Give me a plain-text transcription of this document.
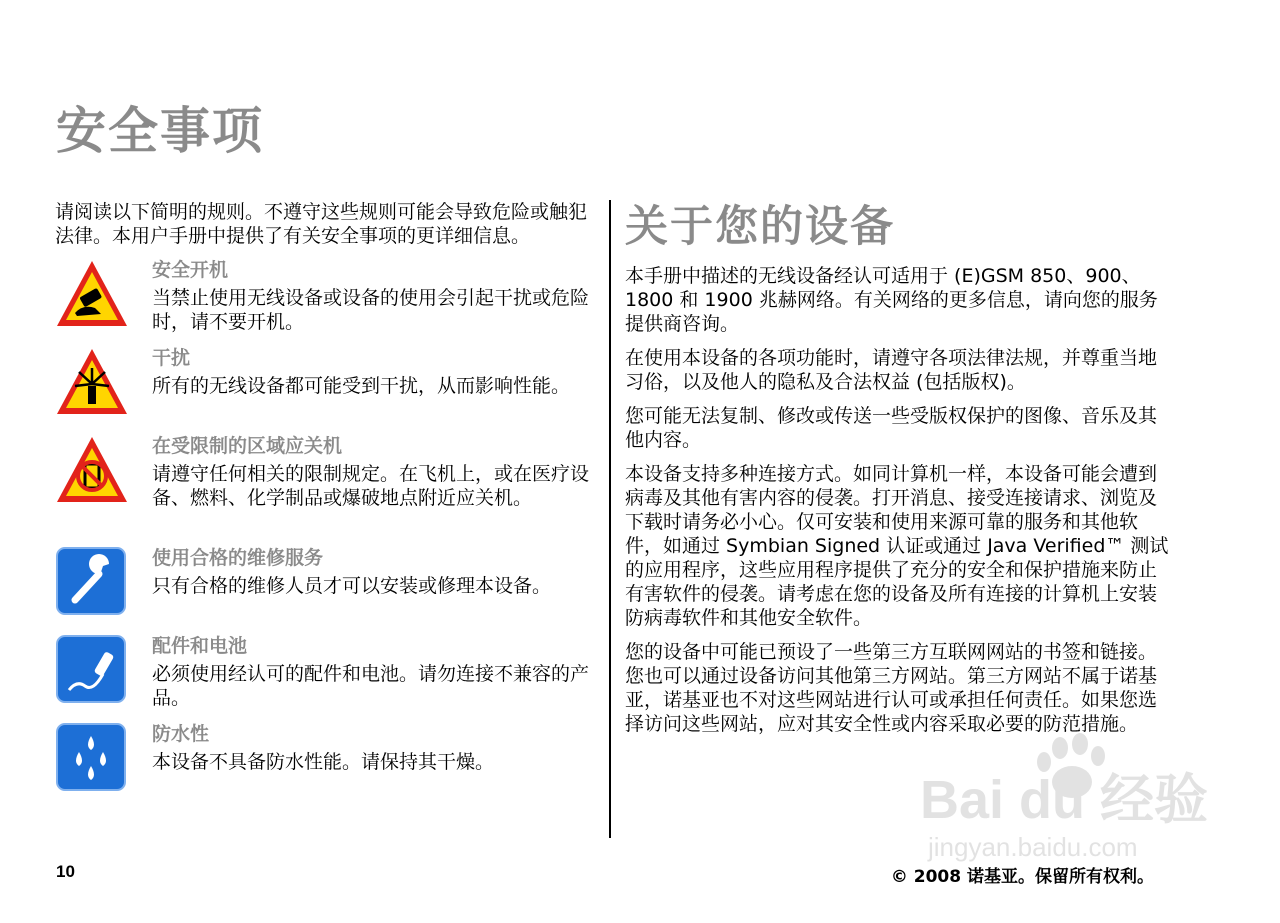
安全事项

请阅读以下简明的规则。不遵守这些规则可能会导致危险或触犯法律。本用户手册中提供了有关安全事项的更详细信息。

安全开机

当禁止使用无线设备或设备的使用会引起干扰或危险时，请不要开机。

干扰

所有的无线设备都可能受到干扰，从而影响性能。

在受限制的区域应关机

请遵守任何相关的限制规定。在飞机上，或在医疗设备、燃料、化学制品或爆破地点附近应关机。

使用合格的维修服务

只有合格的维修人员才可以安装或修理本设备。

配件和电池

必须使用经认可的配件和电池。请勿连接不兼容的产品。

防水性

本设备不具备防水性能。请保持其干燥。

关于您的设备

本手册中描述的无线设备经认可适用于 (E)GSM 850、900、1800 和 1900 兆赫网络。有关网络的更多信息，请向您的服务提供商咨询。

在使用本设备的各项功能时，请遵守各项法律法规，并尊重当地习俗，以及他人的隐私及合法权益 (包括版权)。

您可能无法复制、修改或传送一些受版权保护的图像、音乐及其他内容。

本设备支持多种连接方式。如同计算机一样，本设备可能会遭到病毒及其他有害内容的侵袭。打开消息、接受连接请求、浏览及下载时请务必小心。仅可安装和使用来源可靠的服务和其他软件，如通过 Symbian Signed 认证或通过 Java Verified™ 测试的应用程序，这些应用程序提供了充分的安全和保护措施来防止有害软件的侵袭。请考虑在您的设备及所有连接的计算机上安装防病毒软件和其他安全软件。

您的设备中可能已预设了一些第三方互联网网站的书签和链接。您也可以通过设备访问其他第三方网站。第三方网站不属于诺基亚，诺基亚也不对这些网站进行认可或承担任何责任。如果您选择访问这些网站，应对其安全性或内容采取必要的防范措施。

10	© 2008 诺基亚。保留所有权利。
Bai du 经验
jingyan.baidu.com
